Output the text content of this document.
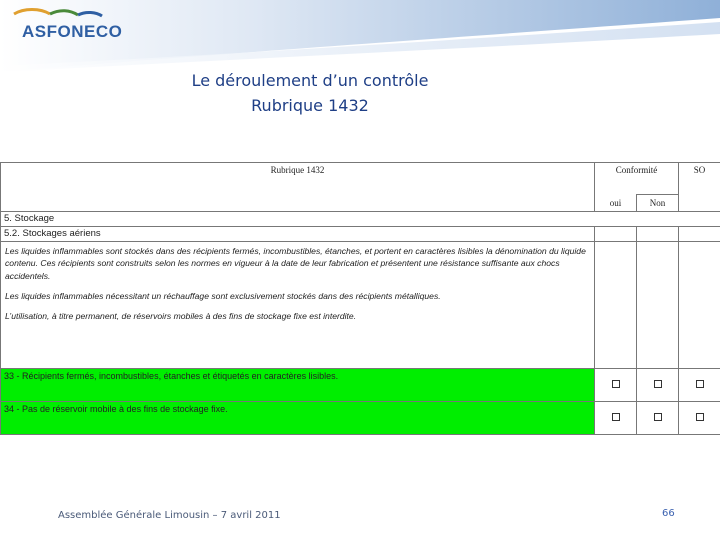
ASFONECO
Le déroulement d’un contrôle
Rubrique 1432
Rubrique 1432	Conformité		SO
	oui	Non	
5. Stockage			
5.2. Stockages aériens			

Les liquides inflammables sont stockés dans des récipients fermés, incombustibles, étanches, et portent en caractères lisibles la dénomination du liquide contenu. Ces récipients sont construits selon les normes en vigueur à la date de leur fabrication et présentent une résistance suffisante aux chocs accidentels.

Les liquides inflammables nécessitant un réchauffage sont exclusivement stockés dans des récipients métalliques.

L’utilisation, à titre permanent, de réservoirs mobiles à des fins de stockage fixe est interdite.			

33 - Récipients fermés, incombustibles, étanches et étiquetés en caractères lisibles.			
34 - Pas de réservoir mobile à des fins de stockage fixe.			
Assemblée Générale Limousin – 7 avril 2011	66
